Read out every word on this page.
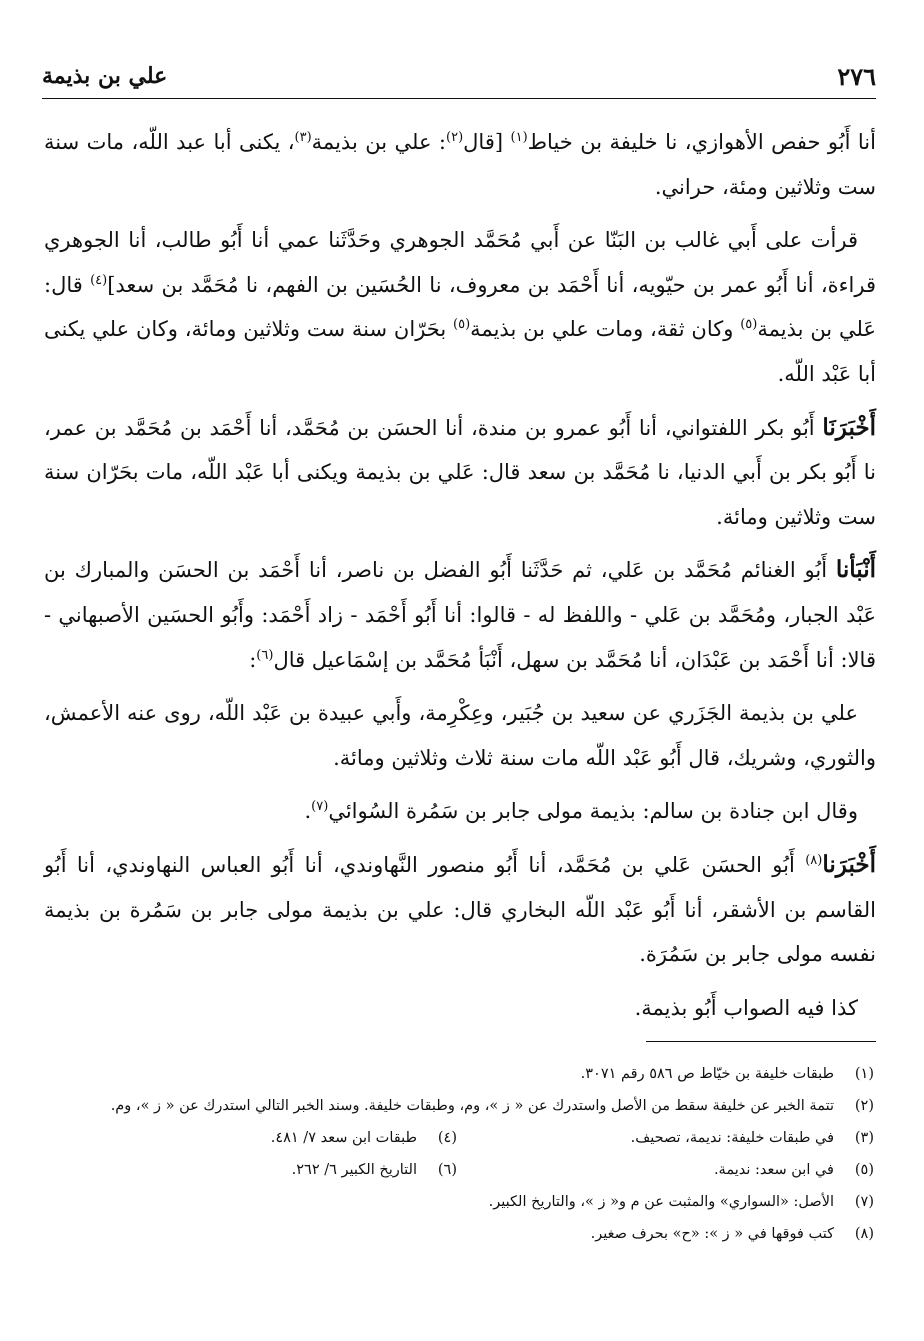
٢٧٦
علي بن بذيمة

أنا أَبُو حفص الأهوازي، نا خليفة بن خياط$^{(١)}$ [قال$^{(٢)}$: علي بن بذيمة$^{(٣)}$، يكنى أبا عبد اللّه، مات سنة ست وثلاثين ومئة، حراني.

قرأت على أَبي غالب بن البَنّا عن أَبي مُحَمَّد الجوهري وحَدَّثَنا عمي أنا أَبُو طالب، أنا الجوهري قراءة، أنا أَبُو عمر بن حيّويه، أنا أَحْمَد بن معروف، نا الحُسَين بن الفهم، نا مُحَمَّد بن سعد]$^{(٤)}$ قال: عَلي بن بذيمة$^{(٥)}$ وكان ثقة، ومات علي بن بذيمة$^{(٥)}$ بحَرّان سنة ست وثلاثين ومائة، وكان علي يكنى أبا عَبْد اللّه.

أَخْبَرَنَا أَبُو بكر اللفتواني، أنا أَبُو عمرو بن مندة، أنا الحسَن بن مُحَمَّد، أنا أَحْمَد بن مُحَمَّد بن عمر، نا أَبُو بكر بن أَبي الدنيا، نا مُحَمَّد بن سعد قال: عَلي بن بذيمة ويكنى أبا عَبْد اللّه، مات بحَرّان سنة ست وثلاثين ومائة.

أَنْبَأنا أَبُو الغنائم مُحَمَّد بن عَلي، ثم حَدَّثَنا أَبُو الفضل بن ناصر، أنا أَحْمَد بن الحسَن والمبارك بن عَبْد الجبار، ومُحَمَّد بن عَلي - واللفظ له - قالوا: أنا أَبُو أَحْمَد - زاد أَحْمَد: وأَبُو الحسَين الأصبهاني - قالا: أنا أَحْمَد بن عَبْدَان، أنا مُحَمَّد بن سهل، أَنْبَأ مُحَمَّد بن إسْمَاعيل قال$^{(٦)}$:

علي بن بذيمة الجَزَري عن سعيد بن جُبَير، وعِكْرِمة، وأَبي عبيدة بن عَبْد اللّه، روى عنه الأعمش، والثوري، وشريك، قال أَبُو عَبْد اللّه مات سنة ثلاث وثلاثين ومائة.

وقال ابن جنادة بن سالم: بذيمة مولى جابر بن سَمُرة السُوائي$^{(٧)}$.

أَخْبَرَنا$^{(٨)}$ أَبُو الحسَن عَلي بن مُحَمَّد، أنا أَبُو منصور النَّهاوندي، أنا أَبُو العباس النهاوندي، أنا أَبُو القاسم بن الأشقر، أنا أَبُو عَبْد اللّه البخاري قال: علي بن بذيمة مولى جابر بن سَمُرة بن بذيمة نفسه مولى جابر بن سَمُرَة.

كذا فيه الصواب أَبُو بذيمة.

(١)
طبقات خليفة بن خيّاط ص ٥٨٦ رقم ٣٠٧١.
(٢)
تتمة الخبر عن خليفة سقط من الأصل واستدرك عن « ز »، وم، وطبقات خليفة. وسند الخبر التالي استدرك عن « ز »، وم.
(٣)
في طبقات خليفة: نديمة، تصحيف.
(٤)
طبقات ابن سعد ٧/ ٤٨١.
(٥)
في ابن سعد: نديمة.
(٦)
التاريخ الكبير ٦/ ٢٦٢.
(٧)
الأصل: «السواري» والمثبت عن م و« ز »، والتاريخ الكبير.
(٨)
كتب فوقها في « ز »: «ح» بحرف صغير.
